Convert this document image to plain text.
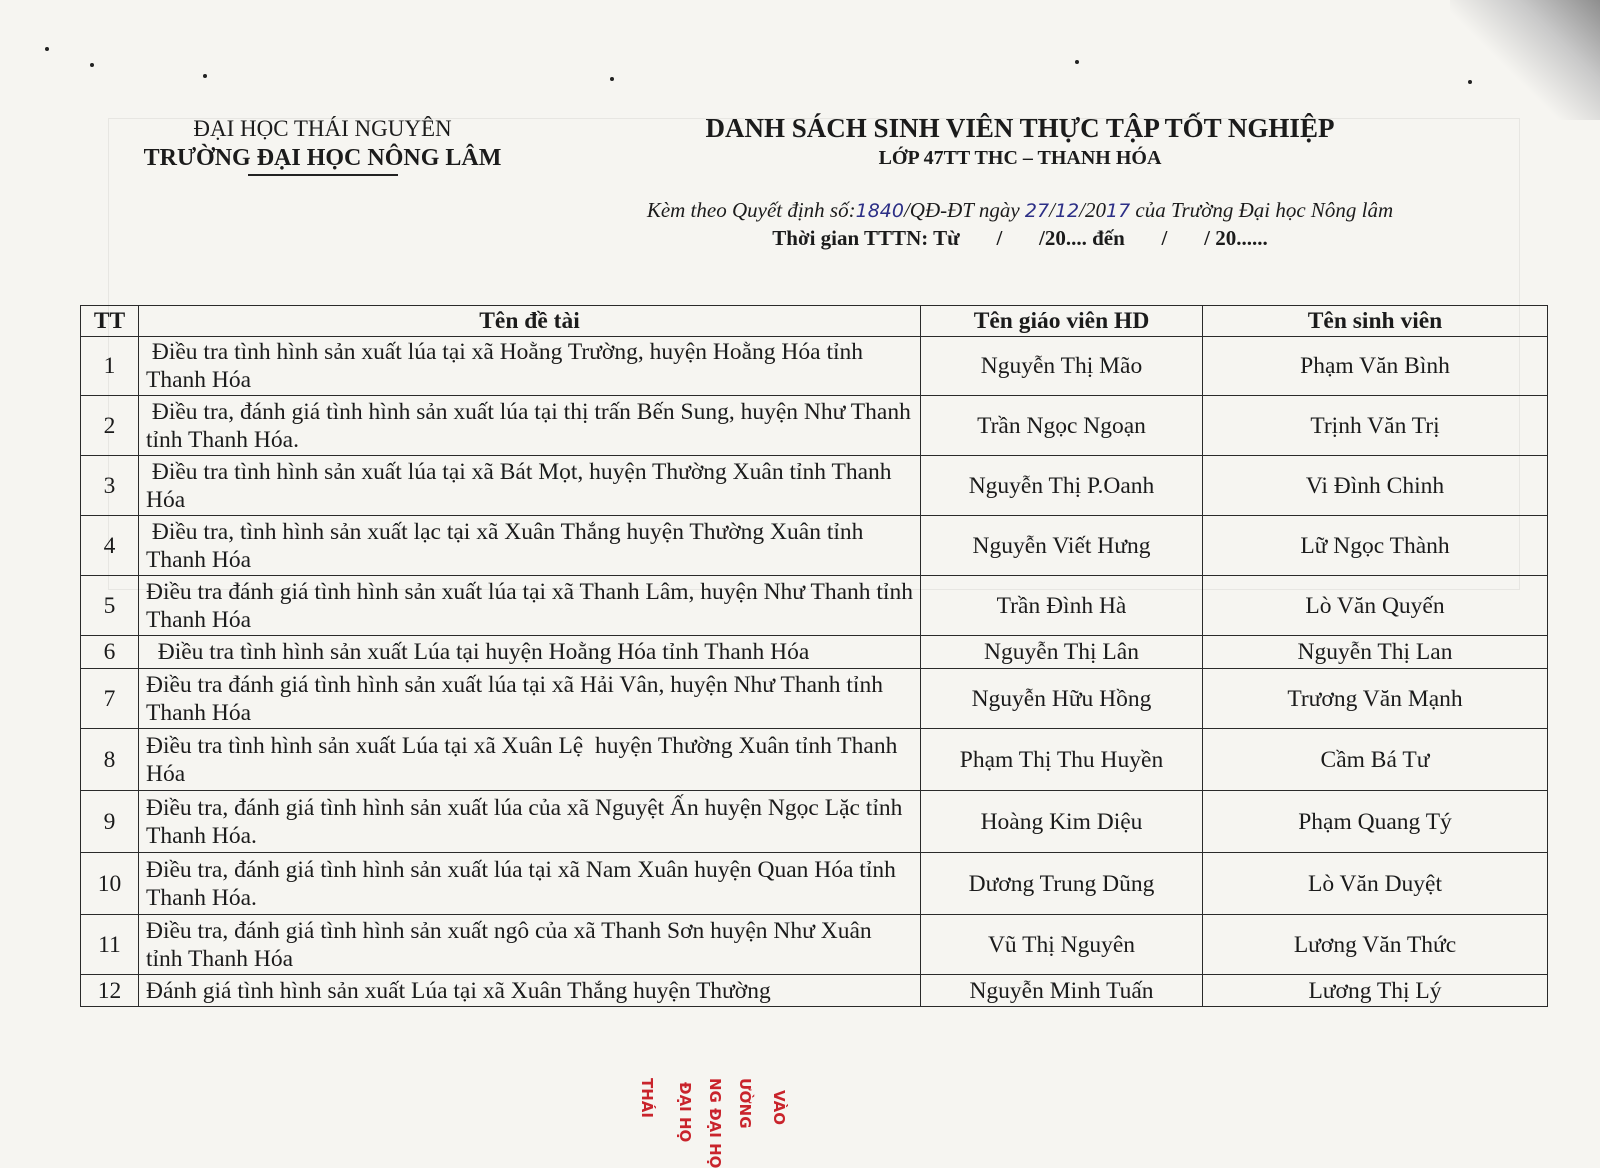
ĐẠI HỌC THÁI NGUYÊN
TRƯỜNG ĐẠI HỌC NÔNG LÂM
DANH SÁCH SINH VIÊN THỰC TẬP TỐT NGHIỆP
LỚP 47TT THC – THANH HÓA
Kèm theo Quyết định số:1840/QĐ-ĐT ngày 27/12/2017 của Trường Đại học Nông lâm
Thời gian TTTN: Từ       /       /20.... đến       /       / 20......
TT	Tên đề tài	Tên giáo viên HD	Tên sinh viên
1	Điều tra tình hình sản xuất lúa tại xã Hoằng Trường, huyện Hoằng Hóa tỉnh Thanh Hóa	Nguyễn Thị Mão	Phạm Văn Bình
2	Điều tra, đánh giá tình hình sản xuất lúa tại thị trấn Bến Sung, huyện Như Thanh tỉnh Thanh Hóa.	Trần Ngọc Ngoạn	Trịnh Văn Trị
3	Điều tra tình hình sản xuất lúa tại xã Bát Mọt, huyện Thường Xuân tỉnh Thanh Hóa	Nguyễn Thị P.Oanh	Vi Đình Chinh
4	Điều tra, tình hình sản xuất lạc tại xã Xuân Thắng huyện Thường Xuân tỉnh Thanh Hóa	Nguyễn Viết Hưng	Lữ Ngọc Thành
5	Điều tra đánh giá tình hình sản xuất lúa tại xã Thanh Lâm, huyện Như Thanh tỉnh Thanh Hóa	Trần Đình Hà	Lò Văn Quyến
6	Điều tra tình hình sản xuất Lúa tại huyện Hoằng Hóa tỉnh Thanh Hóa	Nguyễn Thị Lân	Nguyễn Thị Lan
7	Điều tra đánh giá tình hình sản xuất lúa tại xã Hải Vân, huyện Như Thanh tỉnh Thanh Hóa	Nguyễn Hữu Hồng	Trương Văn Mạnh
8	Điều tra tình hình sản xuất Lúa tại xã Xuân Lệ  huyện Thường Xuân tỉnh Thanh Hóa	Phạm Thị Thu Huyền	Cầm Bá Tư
9	Điều tra, đánh giá tình hình sản xuất lúa của xã Nguyệt Ấn huyện Ngọc Lặc tỉnh Thanh Hóa.	Hoàng Kim Diệu	Phạm Quang Tý
10	Điều tra, đánh giá tình hình sản xuất lúa tại xã Nam Xuân huyện Quan Hóa tỉnh Thanh Hóa.	Dương Trung Dũng	Lò Văn Duyệt
11	Điều tra, đánh giá tình hình sản xuất ngô của xã Thanh Sơn huyện Như Xuân tỉnh Thanh Hóa	Vũ Thị Nguyên	Lương Văn Thức
12	Đánh giá tình hình sản xuất Lúa tại xã Xuân Thắng huyện Thường	Nguyễn Minh Tuấn	Lương Thị Lý
THÁI ĐẠI HỌ NG ĐẠI HỌ ƯỜNG VÀO
